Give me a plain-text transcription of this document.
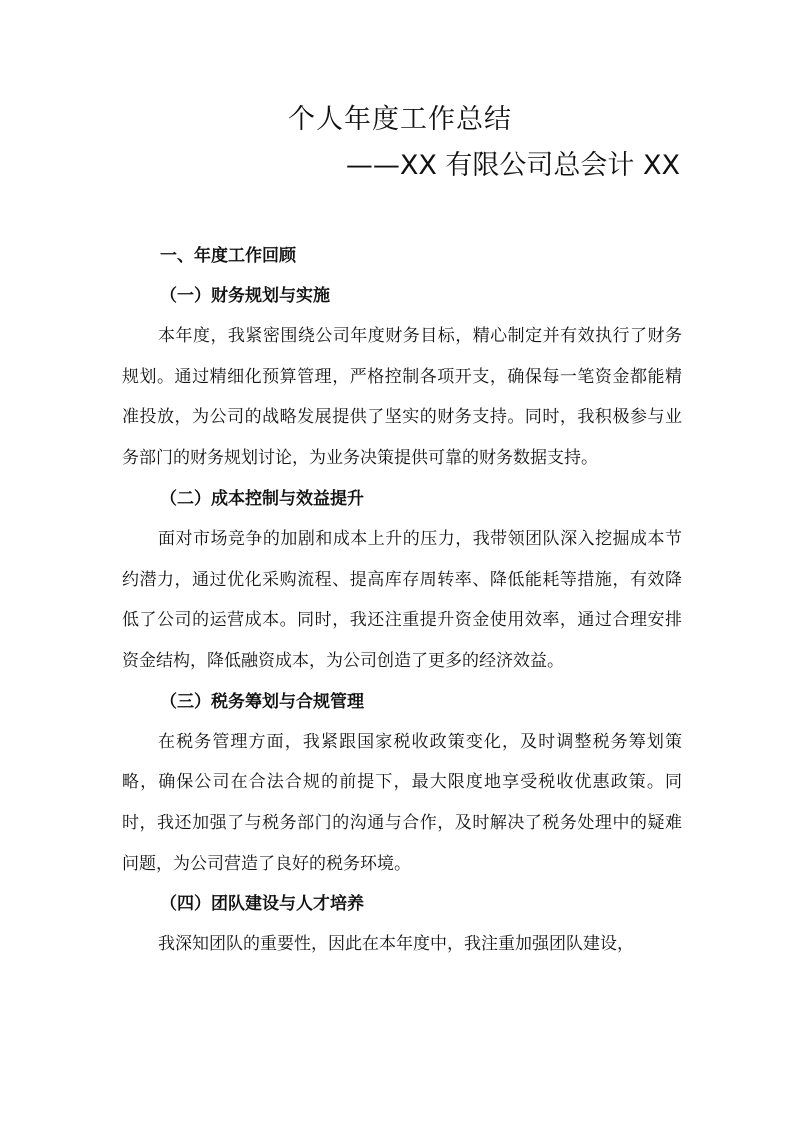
个人年度工作总结
——XX 有限公司总会计 XX
一、年度工作回顾
（一）财务规划与实施

本年度，我紧密围绕公司年度财务目标，精心制定并有效执行了财务规划。通过精细化预算管理，严格控制各项开支，确保每一笔资金都能精准投放，为公司的战略发展提供了坚实的财务支持。同时，我积极参与业务部门的财务规划讨论，为业务决策提供可靠的财务数据支持。

（二）成本控制与效益提升

面对市场竞争的加剧和成本上升的压力，我带领团队深入挖掘成本节约潜力，通过优化采购流程、提高库存周转率、降低能耗等措施，有效降低了公司的运营成本。同时，我还注重提升资金使用效率，通过合理安排资金结构，降低融资成本，为公司创造了更多的经济效益。

（三）税务筹划与合规管理

在税务管理方面，我紧跟国家税收政策变化，及时调整税务筹划策略，确保公司在合法合规的前提下，最大限度地享受税收优惠政策。同时，我还加强了与税务部门的沟通与合作，及时解决了税务处理中的疑难问题，为公司营造了良好的税务环境。

（四）团队建设与人才培养

我深知团队的重要性，因此在本年度中，我注重加强团队建设，
